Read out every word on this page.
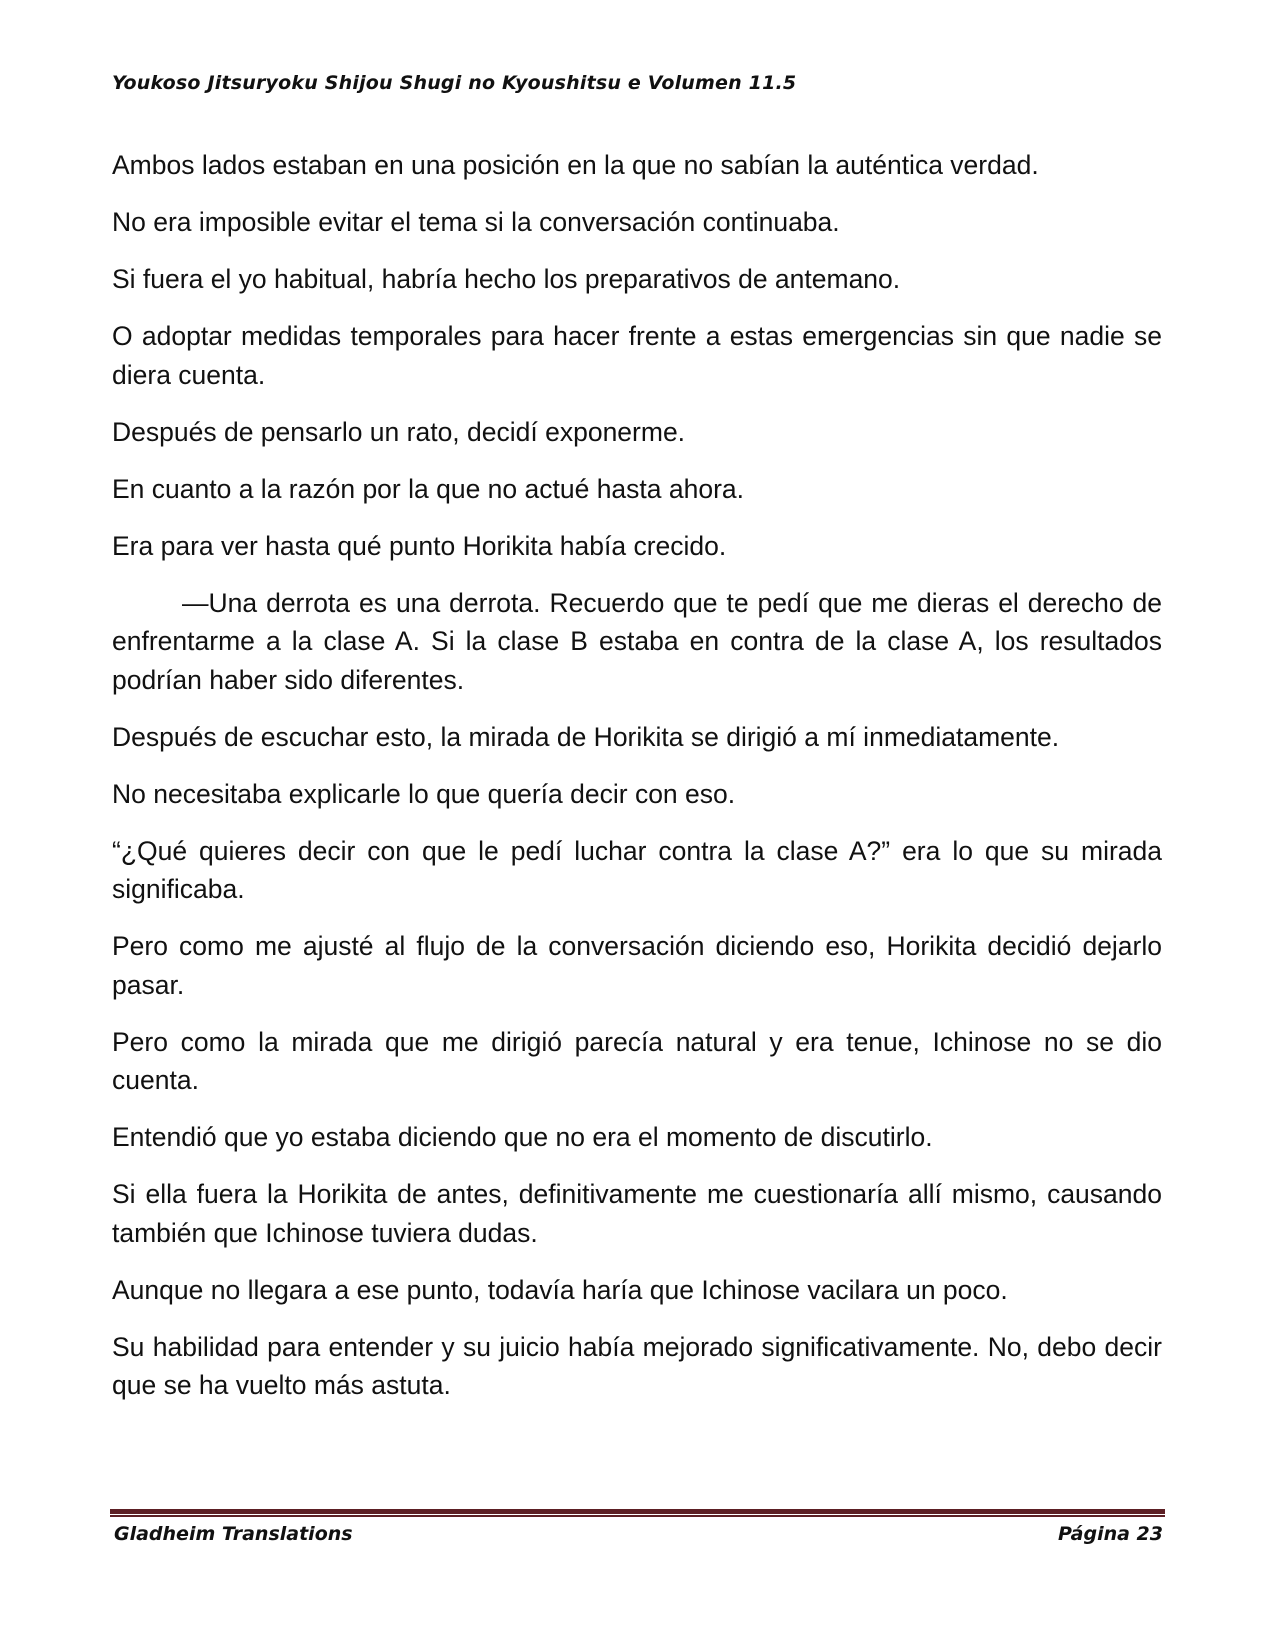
Youkoso Jitsuryoku Shijou Shugi no Kyoushitsu e Volumen 11.5

Ambos lados estaban en una posición en la que no sabían la auténtica verdad.

No era imposible evitar el tema si la conversación continuaba.

Si fuera el yo habitual, habría hecho los preparativos de antemano.

O adoptar medidas temporales para hacer frente a estas emergencias sin que nadie se diera cuenta.

Después de pensarlo un rato, decidí exponerme.

En cuanto a la razón por la que no actué hasta ahora.

Era para ver hasta qué punto Horikita había crecido.

—Una derrota es una derrota. Recuerdo que te pedí que me dieras el derecho de enfrentarme a la clase A. Si la clase B estaba en contra de la clase A, los resultados podrían haber sido diferentes.

Después de escuchar esto, la mirada de Horikita se dirigió a mí inmediatamente.

No necesitaba explicarle lo que quería decir con eso.

“¿Qué quieres decir con que le pedí luchar contra la clase A?” era lo que su mirada significaba.

Pero como me ajusté al flujo de la conversación diciendo eso, Horikita decidió dejarlo pasar.

Pero como la mirada que me dirigió parecía natural y era tenue, Ichinose no se dio cuenta.

Entendió que yo estaba diciendo que no era el momento de discutirlo.

Si ella fuera la Horikita de antes, definitivamente me cuestionaría allí mismo, causando también que Ichinose tuviera dudas.

Aunque no llegara a ese punto, todavía haría que Ichinose vacilara un poco.

Su habilidad para entender y su juicio había mejorado significativamente. No, debo decir que se ha vuelto más astuta.

Gladheim Translations	Página 23
